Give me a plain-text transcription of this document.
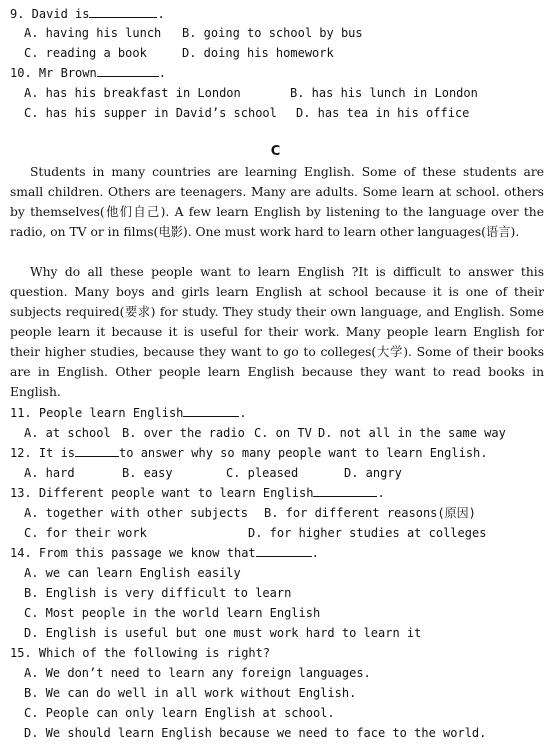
9. David is	.
A. having his lunch B. going to school by bus
C. reading a book	D. doing his homework
10. Mr Brown	.
A. has his breakfast in London	B. has his lunch in London
C. has his supper in David’s school D. has tea in his office
C
Students in many countries are learning English. Some of these students are small children. Others are teenagers. Many are adults. Some learn at school. others by themselves(他们自己). A few learn English by listening to the language over the radio, on TV or in films(电影). One must work hard to learn other languages(语言).
Why do all these people want to learn English ?It is difficult to answer this question. Many boys and girls learn English at school because it is one of their subjects required(要求) for study. They study their own language, and English. Some people learn it because it is useful for their work. Many people learn English for their higher studies, because they want to go to colleges(大学). Some of their books are in English. Other people learn English because they want to read books in English.
11. People learn English	.
A. at school B. over the radio C. on TV D. not all in the same way
12. It is	to answer why so many people want to learn English.
A. hard	B. easy	C. pleased	D. angry
13. Different people want to learn English	.
A. together with other subjects B. for different reasons(原因)
C. for their work	D. for higher studies at colleges
14. From this passage we know that	.
A. we can learn English easily
B. English is very difficult to learn
C. Most people in the world learn English
D. English is useful but one must work hard to learn it
15. Which of the following is right?
A. We don’t need to learn any foreign languages.
B. We can do well in all work without English.
C. People can only learn English at school.
D. We should learn English because we need to face to the world.
